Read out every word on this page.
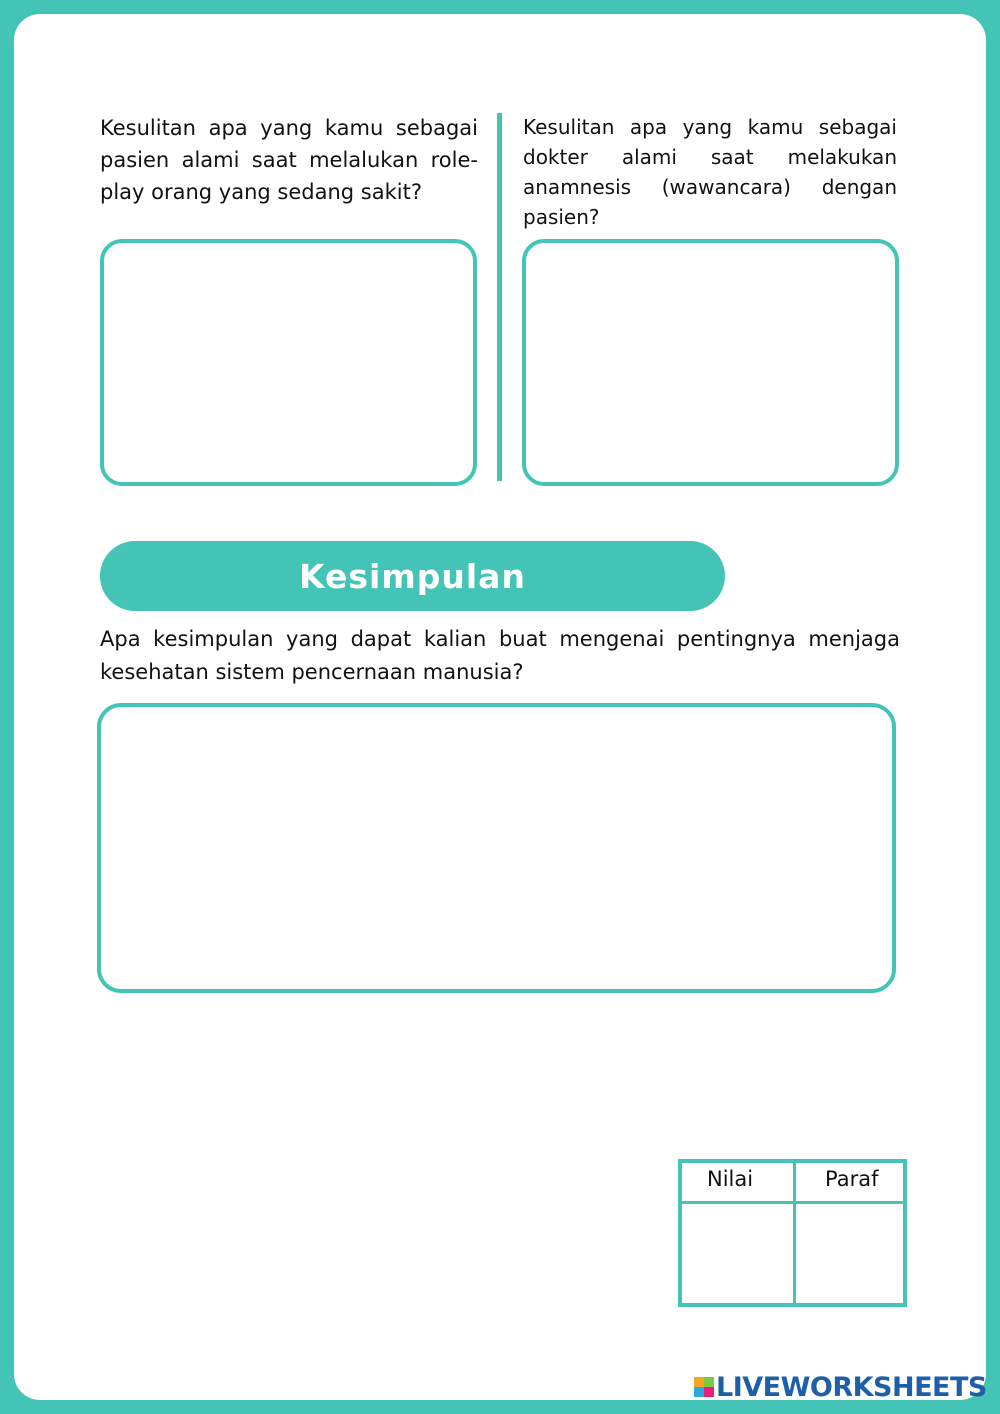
Kesulitan apa yang kamu sebagai pasien alami saat melalukan role-play orang yang sedang sakit?

Kesulitan apa yang kamu sebagai dokter alami saat melakukan anamnesis (wawancara) dengan pasien?

Kesimpulan

Apa kesimpulan yang dapat kalian buat mengenai pentingnya menjaga kesehatan sistem pencernaan manusia?

Nilai	Paraf
LIVEWORKSHEETS
